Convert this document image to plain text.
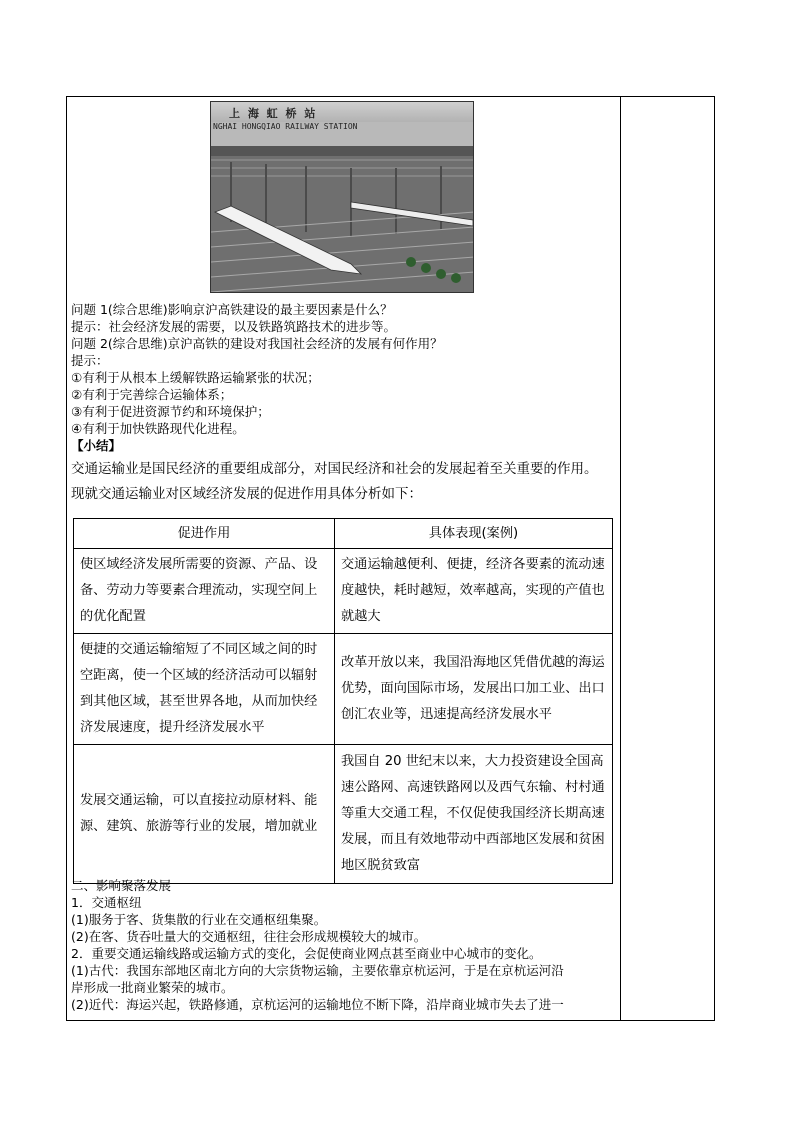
上 海 虹 桥 站
NGHAI HONGQIAO RAILWAY STATION
问题 1(综合思维)影响京沪高铁建设的最主要因素是什么？
提示：社会经济发展的需要，以及铁路筑路技术的进步等。
问题 2(综合思维)京沪高铁的建设对我国社会经济的发展有何作用？
提示：
①有利于从根本上缓解铁路运输紧张的状况；
②有利于完善综合运输体系；
③有利于促进资源节约和环境保护；
④有利于加快铁路现代化进程。
【小结】
交通运输业是国民经济的重要组成部分，对国民经济和社会的发展起着至关重要的作用。
现就交通运输业对区域经济发展的促进作用具体分析如下：
促进作用	具体表现(案例)
使区域经济发展所需要的资源、产品、设备、劳动力等要素合理流动，实现空间上的优化配置	交通运输越便利、便捷，经济各要素的流动速度越快，耗时越短，效率越高，实现的产值也就越大
便捷的交通运输缩短了不同区域之间的时空距离，使一个区域的经济活动可以辐射到其他区域，甚至世界各地，从而加快经济发展速度，提升经济发展水平	改革开放以来，我国沿海地区凭借优越的海运优势，面向国际市场，发展出口加工业、出口创汇农业等，迅速提高经济发展水平
发展交通运输，可以直接拉动原材料、能源、建筑、旅游等行业的发展，增加就业	我国自 20 世纪末以来，大力投资建设全国高速公路网、高速铁路网以及西气东输、村村通等重大交通工程，不仅促使我国经济长期高速发展，而且有效地带动中西部地区发展和贫困地区脱贫致富
二、影响聚落发展
1．交通枢纽
(1)服务于客、货集散的行业在交通枢纽集聚。
(2)在客、货吞吐量大的交通枢纽，往往会形成规模较大的城市。
2．重要交通运输线路或运输方式的变化，会促使商业网点甚至商业中心城市的变化。
(1)古代：我国东部地区南北方向的大宗货物运输，主要依靠京杭运河，于是在京杭运河沿
岸形成一批商业繁荣的城市。
(2)近代：海运兴起，铁路修通，京杭运河的运输地位不断下降，沿岸商业城市失去了进一
